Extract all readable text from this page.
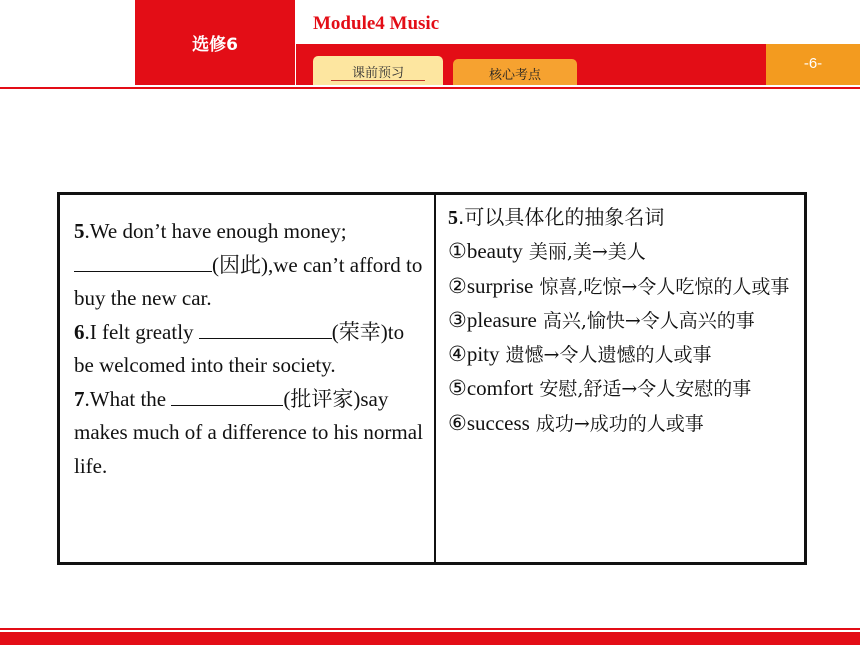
选修6
Module4 Music
课前预习	核心考点
-6-

5.We don’t have enough money;(因此),we can’t afford to buy the new car.

6.I felt greatly	(荣幸)to be welcomed into their society.

7.What the	(批评家)say makes much of a difference to his normal life.

5.可以具体化的抽象名词

①beauty 美丽,美→美人

②surprise 惊喜,吃惊→令人吃惊的人或事

③pleasure 高兴,愉快→令人高兴的事

④pity 遗憾→令人遗憾的人或事

⑤comfort 安慰,舒适→令人安慰的事

⑥success 成功→成功的人或事
